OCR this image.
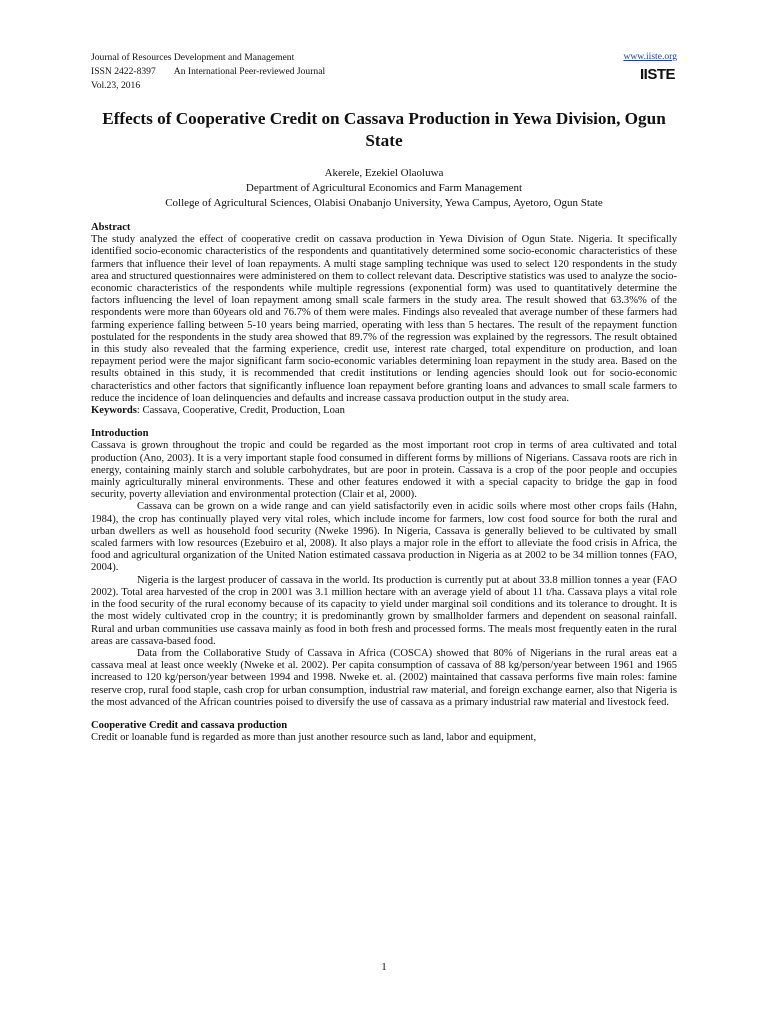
Journal of Resources Development and Management
ISSN 2422-8397 An International Peer-reviewed Journal
Vol.23, 2016
www.iiste.org
IISTE
Effects of Cooperative Credit on Cassava Production in Yewa Division, Ogun State
Akerele, Ezekiel Olaoluwa
Department of Agricultural Economics and Farm Management
College of Agricultural Sciences, Olabisi Onabanjo University, Yewa Campus, Ayetoro, Ogun State
Abstract

The study analyzed the effect of cooperative credit on cassava production in Yewa Division of Ogun State. Nigeria. It specifically identified socio-economic characteristics of the respondents and quantitatively determined some socio-economic characteristics of these farmers that influence their level of loan repayments. A multi stage sampling technique was used to select 120 respondents in the study area and structured questionnaires were administered on them to collect relevant data. Descriptive statistics was used to analyze the socio-economic characteristics of the respondents while multiple regressions (exponential form) was used to quantitatively determine the factors influencing the level of loan repayment among small scale farmers in the study area. The result showed that 63.3%% of the respondents were more than 60years old and 76.7% of them were males. Findings also revealed that average number of these farmers had farming experience falling between 5-10 years being married, operating with less than 5 hectares. The result of the repayment function postulated for the respondents in the study area showed that 89.7% of the regression was explained by the regressors. The result obtained in this study also revealed that the farming experience, credit use, interest rate charged, total expenditure on production, and loan repayment period were the major significant farm socio-economic variables determining loan repayment in the study area. Based on the results obtained in this study, it is recommended that credit institutions or lending agencies should look out for socio-economic characteristics and other factors that significantly influence loan repayment before granting loans and advances to small scale farmers to reduce the incidence of loan delinquencies and defaults and increase cassava production output in the study area.

Keywords: Cassava, Cooperative, Credit, Production, Loan

Introduction

Cassava is grown throughout the tropic and could be regarded as the most important root crop in terms of area cultivated and total production (Ano, 2003). It is a very important staple food consumed in different forms by millions of Nigerians. Cassava roots are rich in energy, containing mainly starch and soluble carbohydrates, but are poor in protein. Cassava is a crop of the poor people and occupies mainly agriculturally mineral environments. These and other features endowed it with a special capacity to bridge the gap in food security, poverty alleviation and environmental protection (Clair et al, 2000).

Cassava can be grown on a wide range and can yield satisfactorily even in acidic soils where most other crops fails (Hahn, 1984), the crop has continually played very vital roles, which include income for farmers, low cost food source for both the rural and urban dwellers as well as household food security (Nweke 1996). In Nigeria, Cassava is generally believed to be cultivated by small scaled farmers with low resources (Ezebuiro et al, 2008). It also plays a major role in the effort to alleviate the food crisis in Africa, the food and agricultural organization of the United Nation estimated cassava production in Nigeria as at 2002 to be 34 million tonnes (FAO, 2004).

Nigeria is the largest producer of cassava in the world. Its production is currently put at about 33.8 million tonnes a year (FAO 2002). Total area harvested of the crop in 2001 was 3.1 million hectare with an average yield of about 11 t/ha. Cassava plays a vital role in the food security of the rural economy because of its capacity to yield under marginal soil conditions and its tolerance to drought. It is the most widely cultivated crop in the country; it is predominantly grown by smallholder farmers and dependent on seasonal rainfall. Rural and urban communities use cassava mainly as food in both fresh and processed forms. The meals most frequently eaten in the rural areas are cassava-based food.

Data from the Collaborative Study of Cassava in Africa (COSCA) showed that 80% of Nigerians in the rural areas eat a cassava meal at least once weekly (Nweke et al. 2002). Per capita consumption of cassava of 88 kg/person/year between 1961 and 1965 increased to 120 kg/person/year between 1994 and 1998. Nweke et. al. (2002) maintained that cassava performs five main roles: famine reserve crop, rural food staple, cash crop for urban consumption, industrial raw material, and foreign exchange earner, also that Nigeria is the most advanced of the African countries poised to diversify the use of cassava as a primary industrial raw material and livestock feed.

Cooperative Credit and cassava production

Credit or loanable fund is regarded as more than just another resource such as land, labor and equipment,

1
